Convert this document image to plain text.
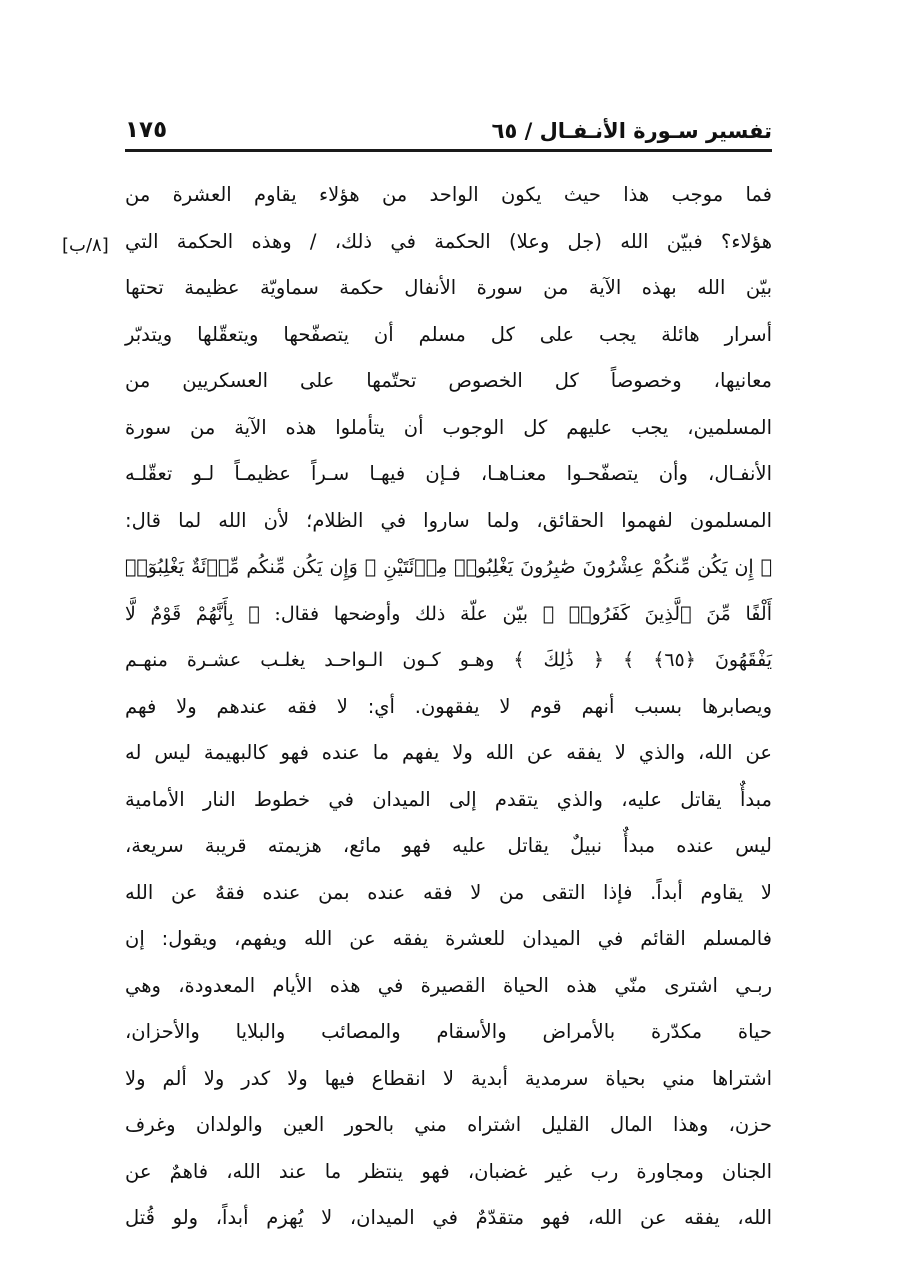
تفسير سـورة الأنـفـال / ٦٥
١٧٥
[٨/ب]
فما موجب هذا حيث يكون الواحد من هؤلاء يقاوم العشرة من
هؤلاء؟ فبيّن الله (جل وعلا) الحكمة في ذلك، / وهذه الحكمة التي
بيّن الله بهذه الآية من سورة الأنفال حكمة سماويّة عظيمة تحتها
أسرار هائلة يجب على كل مسلم أن يتصفّحها ويتعقّلها ويتدبّر
معانيها، وخصوصاً كل الخصوص تحتّمها على العسكريين من
المسلمين، يجب عليهم كل الوجوب أن يتأملوا هذه الآية من سورة
الأنفـال، وأن يتصفّحـوا معنـاهـا، فـإن فيهـا سـراً عظيمـاً لـو تعقّلـه
المسلمون لفهموا الحقائق، ولما ساروا في الظلام؛ لأن الله لما قال:
﴿ إِن يَكُن مِّنكُمْ عِشْرُونَ صَٰبِرُونَ يَغْلِبُوا۟ مِا۟ئَتَيْنِ ۚ وَإِن يَكُن مِّنكُم مِّا۟ئَةٌ يَغْلِبُوٓا۟
أَلْفًا مِّنَ ٱلَّذِينَ كَفَرُوا۟ ﴾ بيّن علّة ذلك وأوضحها فقال: ﴿ بِأَنَّهُمْ قَوْمٌ لَّا
يَفْقَهُونَ ﴿٦٥﴾ ﴾ ﴿ ذَٰلِكَ ﴾ وهـو كـون الـواحـد يغلـب عشـرة منهـم
ويصابرها بسبب أنهم قوم لا يفقهون. أي: لا فقه عندهم ولا فهم
عن الله، والذي لا يفقه عن الله ولا يفهم ما عنده فهو كالبهيمة ليس له
مبدأٌ يقاتل عليه، والذي يتقدم إلى الميدان في خطوط النار الأمامية
ليس عنده مبدأٌ نبيلٌ يقاتل عليه فهو مائع، هزيمته قريبة سريعة،
لا يقاوم أبداً. فإذا التقى من لا فقه عنده بمن عنده فقهٌ عن الله
فالمسلم القائم في الميدان للعشرة يفقه عن الله ويفهم، ويقول: إن
ربـي اشترى منّي هذه الحياة القصيرة في هذه الأيام المعدودة، وهي
حياة مكدّرة بالأمراض والأسقام والمصائب والبلايا والأحزان،
اشتراها مني بحياة سرمدية أبدية لا انقطاع فيها ولا كدر ولا ألم ولا
حزن، وهذا المال القليل اشتراه مني بالحور العين والولدان وغرف
الجنان ومجاورة رب غير غضبان، فهو ينتظر ما عند الله، فاهمٌ عن
الله، يفقه عن الله، فهو متقدّمٌ في الميدان، لا يُهزم أبداً، ولو قُتل
